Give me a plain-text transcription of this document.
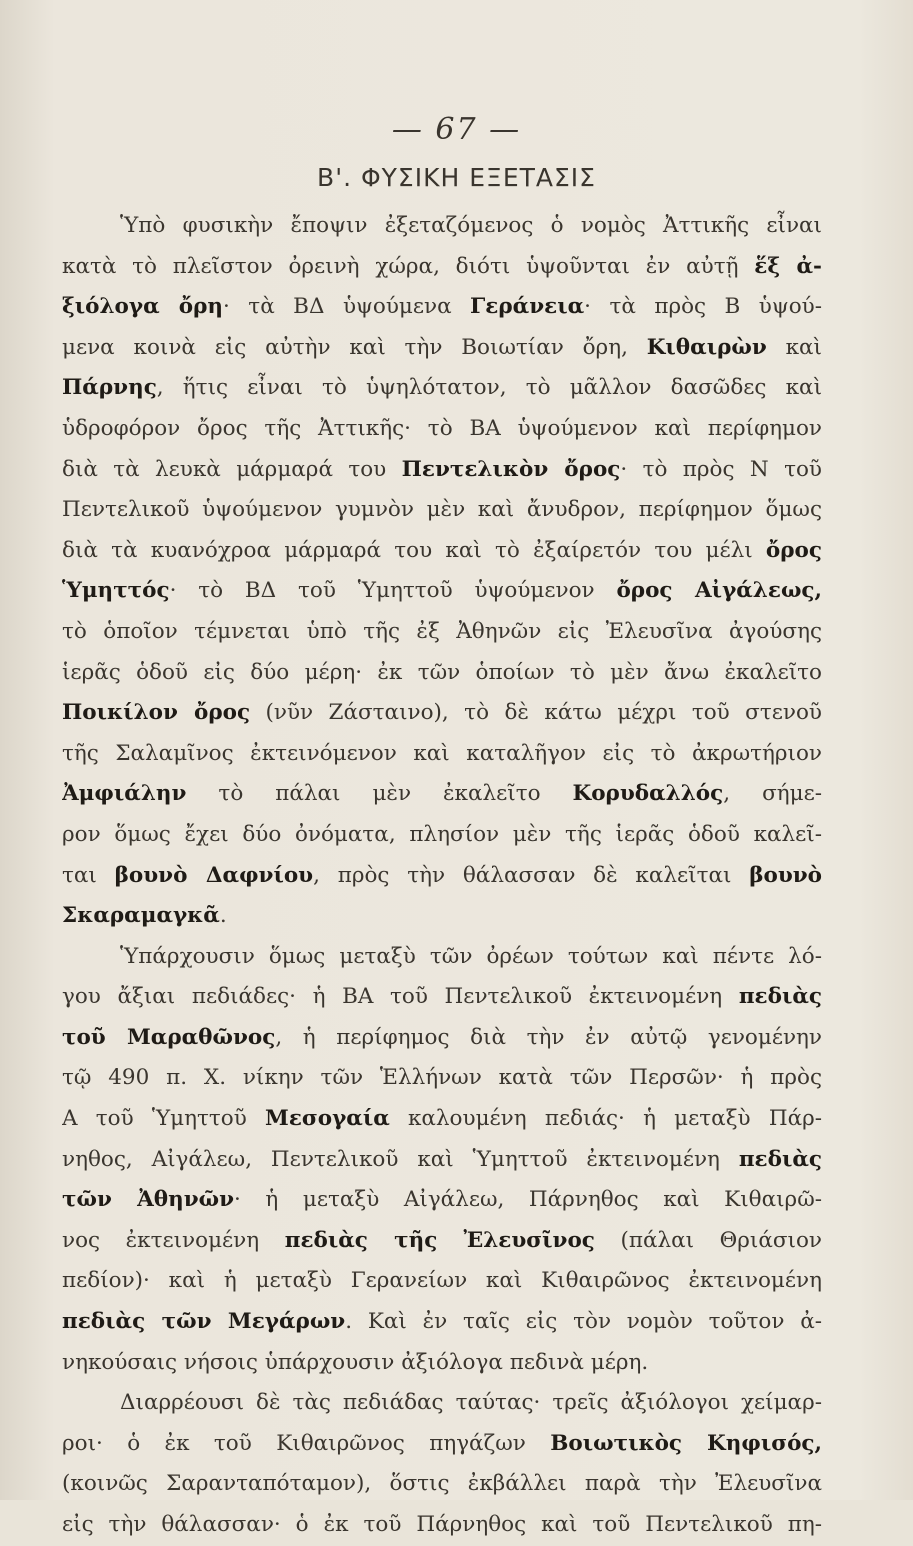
— 67 —
Β'. ΦΥΣΙΚΗ ΕΞΕΤΑΣΙΣ
Ὑπὸ φυσικὴν ἔποψιν ἐξεταζόμενος ὁ νομὸς Ἀττικῆς εἶναι
κατὰ τὸ πλεῖστον ὀρεινὴ χώρα, διότι ὑψοῦνται ἐν αὐτῇ ἕξ ἀ-
ξιόλογα ὄρη· τὰ ΒΔ ὑψούμενα Γεράνεια· τὰ πρὸς Β ὑψού-
μενα κοινὰ εἰς αὐτὴν καὶ τὴν Βοιωτίαν ὄρη, Κιθαιρὼν καὶ
Πάρνης, ἥτις εἶναι τὸ ὑψηλότατον, τὸ μᾶλλον δασῶδες καὶ
ὑδροφόρον ὄρος τῆς Ἀττικῆς· τὸ ΒΑ ὑψούμενον καὶ περίφημον
διὰ τὰ λευκὰ μάρμαρά του Πεντελικὸν ὄρος· τὸ πρὸς Ν τοῦ
Πεντελικοῦ ὑψούμενον γυμνὸν μὲν καὶ ἄνυδρον, περίφημον ὅμως
διὰ τὰ κυανόχροα μάρμαρά του καὶ τὸ ἐξαίρετόν του μέλι ὄρος
Ὑμηττός· τὸ ΒΔ τοῦ Ὑμηττοῦ ὑψούμενον ὄρος Αἰγάλεως,
τὸ ὁποῖον τέμνεται ὑπὸ τῆς ἐξ Ἀθηνῶν εἰς Ἐλευσῖνα ἀγούσης
ἱερᾶς ὁδοῦ εἰς δύο μέρη· ἐκ τῶν ὁποίων τὸ μὲν ἄνω ἐκαλεῖτο
Ποικίλον ὄρος (νῦν Ζάσταινο), τὸ δὲ κάτω μέχρι τοῦ στενοῦ
τῆς Σαλαμῖνος ἐκτεινόμενον καὶ καταλῆγον εἰς τὸ ἀκρωτήριον
Ἀμφιάλην τὸ πάλαι μὲν ἐκαλεῖτο Κορυδαλλός, σήμε-
ρον ὅμως ἔχει δύο ὀνόματα, πλησίον μὲν τῆς ἱερᾶς ὁδοῦ καλεῖ-
ται βουνὸ Δαφνίου, πρὸς τὴν θάλασσαν δὲ καλεῖται βουνὸ
Σκαραμαγκᾶ.
Ὑπάρχουσιν ὅμως μεταξὺ τῶν ὀρέων τούτων καὶ πέντε λό-
γου ἄξιαι πεδιάδες· ἡ ΒΑ τοῦ Πεντελικοῦ ἐκτεινομένη πεδιὰς
τοῦ Μαραθῶνος, ἡ περίφημος διὰ τὴν ἐν αὐτῷ γενομένην
τῷ 490 π. Χ. νίκην τῶν Ἑλλήνων κατὰ τῶν Περσῶν· ἡ πρὸς
Α τοῦ Ὑμηττοῦ Μεσογαία καλουμένη πεδιάς· ἡ μεταξὺ Πάρ-
νηθος, Αἰγάλεω, Πεντελικοῦ καὶ Ὑμηττοῦ ἐκτεινομένη πεδιὰς
τῶν Ἀθηνῶν· ἡ μεταξὺ Αἰγάλεω, Πάρνηθος καὶ Κιθαιρῶ-
νος ἐκτεινομένη πεδιὰς τῆς Ἐλευσῖνος (πάλαι Θριάσιον
πεδίον)· καὶ ἡ μεταξὺ Γερανείων καὶ Κιθαιρῶνος ἐκτεινομένη
πεδιὰς τῶν Μεγάρων. Καὶ ἐν ταῖς εἰς τὸν νομὸν τοῦτον ἀ-
νηκούσαις νήσοις ὑπάρχουσιν ἀξιόλογα πεδινὰ μέρη.
Διαρρέουσι δὲ τὰς πεδιάδας ταύτας· τρεῖς ἀξιόλογοι χείμαρ-
ροι· ὁ ἐκ τοῦ Κιθαιρῶνος πηγάζων Βοιωτικὸς Κηφισός,
(κοινῶς Σαρανταπόταμον), ὅστις ἐκβάλλει παρὰ τὴν Ἐλευσῖνα
εἰς τὴν θάλασσαν· ὁ ἐκ τοῦ Πάρνηθος καὶ τοῦ Πεντελικοῦ πη-
